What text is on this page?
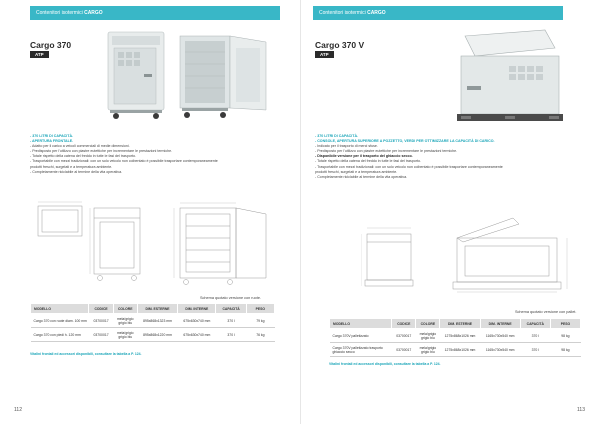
Contenitori isotermici CARGO
Cargo 370
ATP
- 370 LITRI DI CAPACITÀ.
- APERTURA FRONTALE.
- Adatto per il carico a veicoli commerciali di medie dimensioni.
- Predisposto per l'utilizzo con piastre eutettiche per incrementare le prestazioni termiche.
- Totale rispetto della catena del freddo in tutte le fasi del trasporto.
- Trasportabile con mezzi tradizionali: con un solo veicolo non coibentato è possibile trasportare contemporaneamente
prodotti freschi, surgelati e a temperatura ambiente.
- Completamente riciclabile al termine della vita operativa.
Schema quotato versione con ruote.
MODELLO	CODICE	COLORE	DIM. ESTERNE	DIM. INTERNE	CAPACITÀ	PESO
Cargo 370 con ruote diam. 100 mm	03700017	mela/grigio grigio blu	895x868x1323 mm	675x630x740 mm	370 l	79 kg
Cargo 370 con piedi h. 120 mm	03700017	mela/grigio grigio blu	895x868x1220 mm	675x630x740 mm	370 l	76 kg
Vitalini frontali ed accessori disponibili, consultare la tabella a P. 124.
112
Contenitori isotermici CARGO
Cargo 370 V
ATP
- 370 LITRI DI CAPACITÀ.
- CONSOLE, APERTURA SUPERIORE A POZZETTO, VERDI PER OTTIMIZZARE LA CAPACITÀ DI CARICO.
- Indicato per il trasporto di merci sfuse.
- Predisposto per l'utilizzo con piastre eutettiche per incrementare le prestazioni termiche.
- Disponibile versione per il trasporto del ghiaccio secco.
- Totale rispetto della catena del freddo in tutte le fasi del trasporto.
- Trasportabile con mezzi tradizionali: con un solo veicolo non coibentato è possibile trasportare contemporaneamente
prodotti freschi, surgelati e a temperatura ambiente.
- Completamente riciclabile al termine della vita operativa.
Schema quotato versione con pallet.
MODELLO	CODICE	COLORE	DIM. ESTERNE	DIM. INTERNE	CAPACITÀ	PESO
Cargo 370V palletizzato	03700017	mela/grigio grigio blu	1275x868x1026 mm	1165x730x540 mm	370 l	98 kg
Cargo 370V palletizzato trasporto ghiaccio secco	03700017	mela/grigio grigio blu	1275x868x1026 mm	1165x730x540 mm	370 l	98 kg
Vitalini frontali ed accessori disponibili, consultare la tabella a P. 124.
113
